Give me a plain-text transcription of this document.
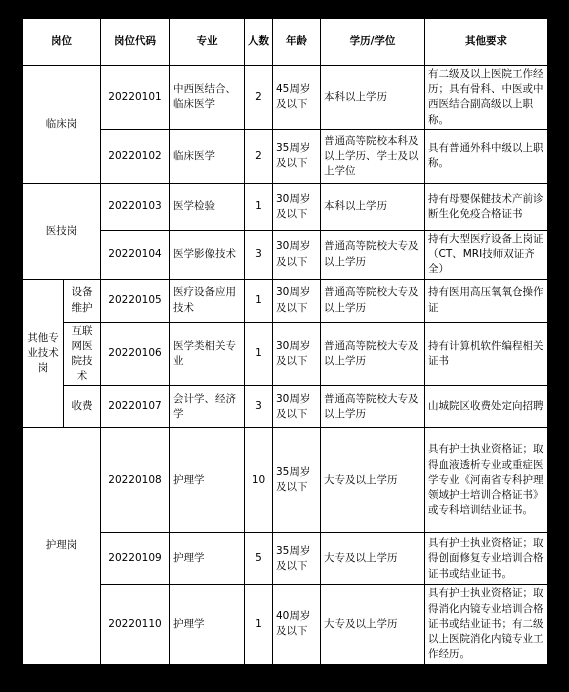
岗位		岗位代码	专业	人数	年龄	学历/学位	其他要求
临床岗		20220101	中西医结合、临床医学	2	45周岁及以下	本科以上学历	有二级及以上医院工作经历；具有骨科、中医或中西医结合副高级以上职称。
		20220102	临床医学	2	35周岁及以下	普通高等院校本科及以上学历、学士及以上学位	具有普通外科中级以上职称。
医技岗		20220103	医学检验	1	30周岁及以下	本科以上学历	持有母婴保健技术产前诊断生化免疫合格证书
		20220104	医学影像技术	3	30周岁及以下	普通高等院校大专及以上学历	持有大型医疗设备上岗证（CT、MRI技师双证齐全）
其他专业技术岗	设备维护	20220105	医疗设备应用技术	1	30周岁及以下	普通高等院校大专及以上学历	持有医用高压氧氧仓操作证
	互联网医院技术	20220106	医学类相关专业	1	30周岁及以下	普通高等院校大专及以上学历	持有计算机软件编程相关证书
	收费	20220107	会计学、经济学	3	30周岁及以下	普通高等院校大专及以上学历	山城院区收费处定向招聘
护理岗		20220108	护理学	10	35周岁及以下	大专及以上学历	具有护士执业资格证；取得血液透析专业或重症医学专业《河南省专科护理领域护士培训合格证书》或专科培训结业证书。
		20220109	护理学	5	35周岁及以下	大专及以上学历	具有护士执业资格证；取得创面修复专业培训合格证书或结业证书。
		20220110	护理学	1	40周岁及以下	大专及以上学历	具有护士执业资格证；取得消化内镜专业培训合格证书或结业证书；有二级以上医院消化内镜专业工作经历。
